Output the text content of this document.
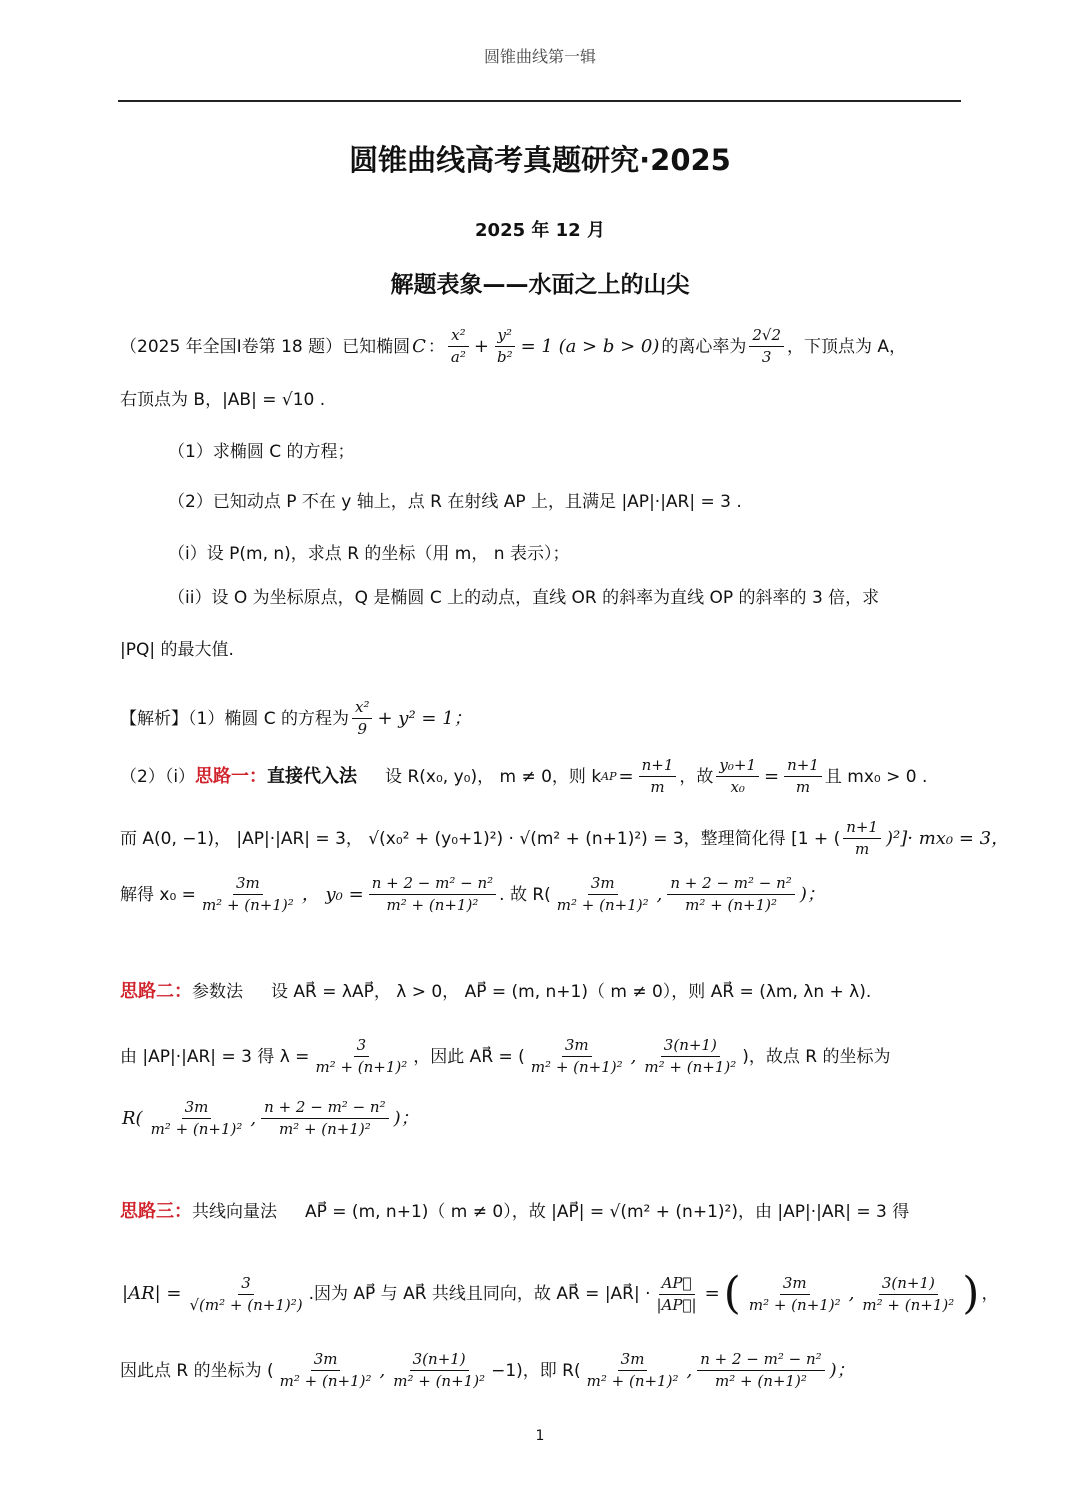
圆锥曲线第一辑
圆锥曲线高考真题研究·2025
2025 年 12 月
解题表象——水面之上的山尖
（2025 年全国Ⅰ卷第 18 题）已知椭圆 C ： $\frac{\text{x²}}{\text{a²}} + \frac{\text{y²}}{\text{b²}} = 1$ (a > b > 0) 的离心率为 $\frac{2√2}{3}$ ，下顶点为 A，
右顶点为 B，|AB| = √10 .
（1）求椭圆 C 的方程；
（2）已知动点 P 不在 y 轴上，点 R 在射线 AP 上，且满足 |AP|·|AR| = 3 .
（i）设 P(m, n)，求点 R 的坐标（用 m， n 表示）；
（ii）设 O 为坐标原点，Q 是椭圆 C 上的动点，直线 OR 的斜率为直线 OP 的斜率的 3 倍，求
|PQ| 的最大值.
【解析】（1）椭圆 C 的方程为 $\frac{\text{x²}}{9} + y^2 = 1$；
（2）（i） 思路一： 直接代入法 设 R(x₀, y₀)， m ≠ 0，则 k AP = $\frac{n+1}{m}$ ，故 $\frac{\text{y₀+1}}{\text{x₀}} = \frac{n+1}{m}$ 且 mx₀ > 0 .
而 A(0, −1)， |AP|·|AR| = 3， √(x₀² + (y₀+1)²) · √(m² + (n+1)²) = 3，整理简化得 [1 + ( $\frac{n+1}{m} )^2]\cdot mx_0 = 3$，
解得 $x_0 = \frac{3m}{\text{m² + (n+1)²}}$ ， $y_0 = \frac{\text{n + 2 − m² − n²}}{\text{m² + (n+1)²}}$ . 故 $R( \frac{3m}{\text{m² + (n+1)²}}$ , $\frac{\text{n + 2 − m² − n²}}{\text{m² + (n+1)²}}$ )；
思路二： 参数法 设 AR⃗ = λAP⃗， λ > 0， AP⃗ = (m, n+1)（ m ≠ 0），则 AR⃗ = (λm, λn + λ).
由 |AP|·|AR| = 3 得 $\lambda = \frac{3}{\text{m² + (n+1)²}}$ ，因此 AR⃗ = ( $\frac{3m}{\text{m² + (n+1)²}}$ , $\frac{3(n+1)}{\text{m² + (n+1)²}}$ )，故点 R 的坐标为
$R( \frac{3m}{\text{m² + (n+1)²}}$ , $\frac{\text{n + 2 − m² − n²}}{\text{m² + (n+1)²}}$ )；
思路三： 共线向量法 AP⃗ = (m, n+1)（ m ≠ 0），故 |AP⃗| = √(m² + (n+1)²)，由 |AP|·|AR| = 3 得
$|AR| = \frac{3}{\text{√(m² + (n+1)²)}}$ .因为 AP⃗ 与 AR⃗ 共线且同向，故 AR⃗ = |AR⃗| · $\frac{AP⃗}{|AP⃗|}$ = ( $\frac{3m}{\text{m² + (n+1)²}}$ , $\frac{3(n+1)}{\text{m² + (n+1)²}}$ ) ，
因此点 R 的坐标为 ( $\frac{3m}{\text{m² + (n+1)²}}$ , $\frac{3(n+1)}{\text{m² + (n+1)²}} -1$)，即 $R( \frac{3m}{\text{m² + (n+1)²}}$ , $\frac{\text{n + 2 − m² − n²}}{\text{m² + (n+1)²}}$ )；
1
